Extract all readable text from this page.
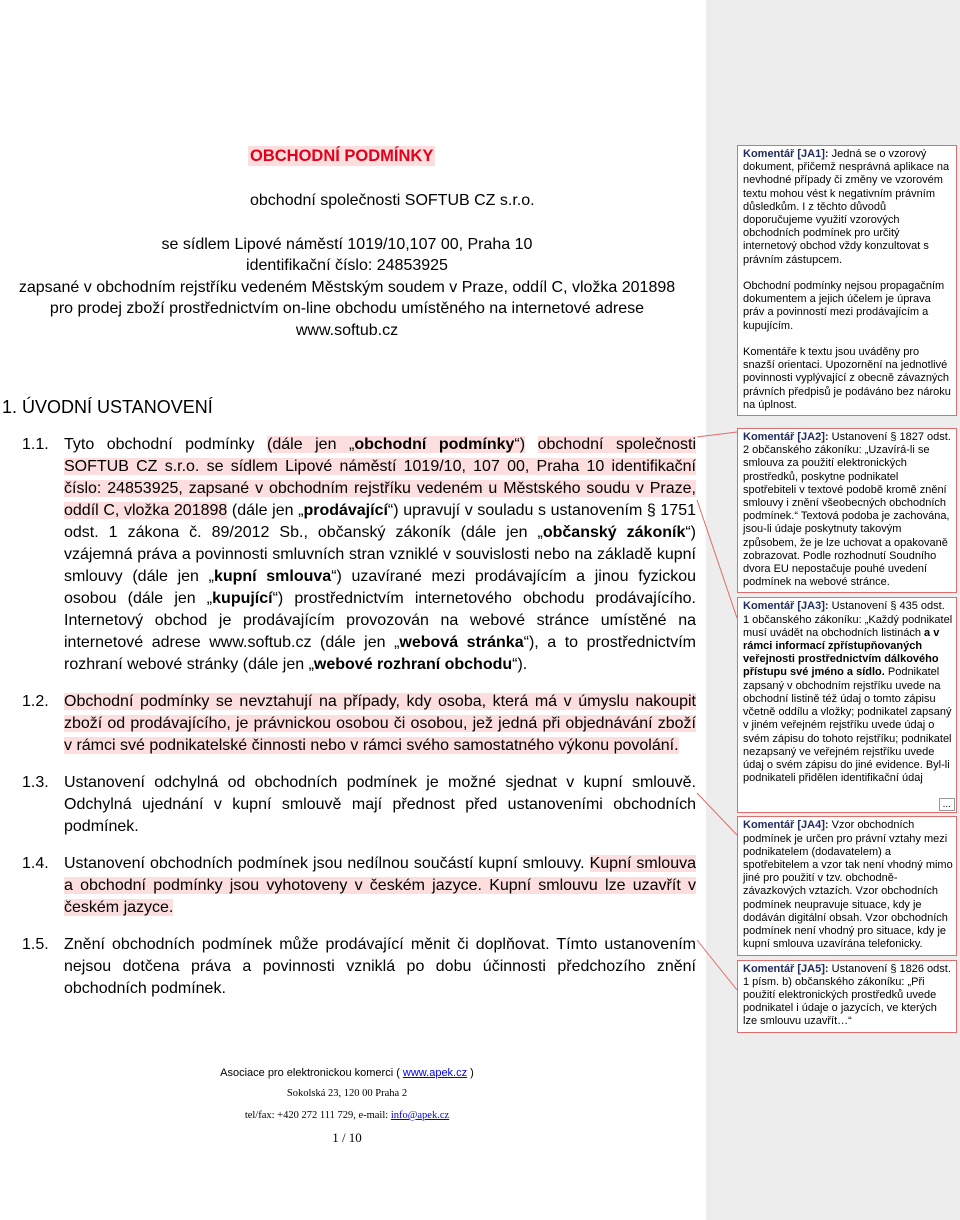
OBCHODNÍ PODMÍNKY
obchodní společnosti SOFTUB CZ s.r.o.
se sídlem Lipové náměstí 1019/10,107 00, Praha 10
identifikační číslo: 24853925
zapsané v obchodním rejstříku vedeném Městským soudem v Praze, oddíl C, vložka 201898
pro prodej zboží prostřednictvím on-line obchodu umístěného na internetové adrese www.softub.cz
1. ÚVODNÍ USTANOVENÍ
1.1. Tyto obchodní podmínky (dále jen „obchodní podmínky“) obchodní společnosti SOFTUB CZ s.r.o. se sídlem Lipové náměstí 1019/10, 107 00, Praha 10 identifikační číslo: 24853925, zapsané v obchodním rejstříku vedeném u Městského soudu v Praze, oddíl C, vložka 201898 (dále jen „prodávající“) upravují v souladu s ustanovením § 1751 odst. 1 zákona č. 89/2012 Sb., občanský zákoník (dále jen „občanský zákoník“) vzájemná práva a povinnosti smluvních stran vzniklé v souvislosti nebo na základě kupní smlouvy (dále jen „kupní smlouva“) uzavírané mezi prodávajícím a jinou fyzickou osobou (dále jen „kupující“) prostřednictvím internetového obchodu prodávajícího. Internetový obchod je prodávajícím provozován na webové stránce umístěné na internetové adrese www.softub.cz (dále jen „webová stránka“), a to prostřednictvím rozhraní webové stránky (dále jen „webové rozhraní obchodu“).
1.2. Obchodní podmínky se nevztahují na případy, kdy osoba, která má v úmyslu nakoupit zboží od prodávajícího, je právnickou osobou či osobou, jež jedná při objednávání zboží v rámci své podnikatelské činnosti nebo v rámci svého samostatného výkonu povolání.
1.3. Ustanovení odchylná od obchodních podmínek je možné sjednat v kupní smlouvě. Odchylná ujednání v kupní smlouvě mají přednost před ustanoveními obchodních podmínek.
1.4. Ustanovení obchodních podmínek jsou nedílnou součástí kupní smlouvy. Kupní smlouva a obchodní podmínky jsou vyhotoveny v českém jazyce. Kupní smlouvu lze uzavřít v českém jazyce.
1.5. Znění obchodních podmínek může prodávající měnit či doplňovat. Tímto ustanovením nejsou dotčena práva a povinnosti vzniklá po dobu účinnosti předchozího znění obchodních podmínek.
Asociace pro elektronickou komerci ( www.apek.cz )
Sokolská 23, 120 00 Praha 2
tel/fax: +420 272 111 729, e-mail: info@apek.cz
1 / 10

Komentář [JA1]: Jedná se o vzorový dokument, přičemž nesprávná aplikace na nevhodné případy či změny ve vzorovém textu mohou vést k negativním právním důsledkům. I z těchto důvodů doporučujeme využití vzorových obchodních podmínek pro určitý internetový obchod vždy konzultovat s právním zástupcem.

Obchodní podmínky nejsou propagačním dokumentem a jejich účelem je úprava práv a povinností mezi prodávajícím a kupujícím.

Komentáře k textu jsou uváděny pro snazší orientaci. Upozornění na jednotlivé povinnosti vyplývající z obecně závazných právních předpisů je podáváno bez nároku na úplnost.

Komentář [JA2]: Ustanovení § 1827 odst. 2 občanského zákoníku: „Uzavírá-li se smlouva za použití elektronických prostředků, poskytne podnikatel spotřebiteli v textové podobě kromě znění smlouvy i znění všeobecných obchodních podmínek.“ Textová podoba je zachována, jsou-li údaje poskytnuty takovým způsobem, že je lze uchovat a opakovaně zobrazovat. Podle rozhodnutí Soudního dvora EU nepostačuje pouhé uvedení podmínek na webové stránce.

Komentář [JA3]: Ustanovení § 435 odst. 1 občanského zákoníku: „Každý podnikatel musí uvádět na obchodních listinách a v rámci informací zpřístupňovaných veřejnosti prostřednictvím dálkového přístupu své jméno a sídlo. Podnikatel zapsaný v obchodním rejstříku uvede na obchodní listině též údaj o tomto zápisu včetně oddílu a vložky; podnikatel zapsaný v jiném veřejném rejstříku uvede údaj o svém zápisu do tohoto rejstříku; podnikatel nezapsaný ve veřejném rejstříku uvede údaj o svém zápisu do jiné evidence. Byl-li podnikateli přidělen identifikační údaj

...

Komentář [JA4]: Vzor obchodních podmínek je určen pro právní vztahy mezi podnikatelem (dodavatelem) a spotřebitelem a vzor tak není vhodný mimo jiné pro použití v tzv. obchodně-závazkových vztazích. Vzor obchodních podmínek neupravuje situace, kdy je dodáván digitální obsah. Vzor obchodních podmínek není vhodný pro situace, kdy je kupní smlouva uzavírána telefonicky.

Komentář [JA5]: Ustanovení § 1826 odst. 1 písm. b) občanského zákoníku: „Při použití elektronických prostředků uvede podnikatel i údaje o jazycích, ve kterých lze smlouvu uzavřít…“
